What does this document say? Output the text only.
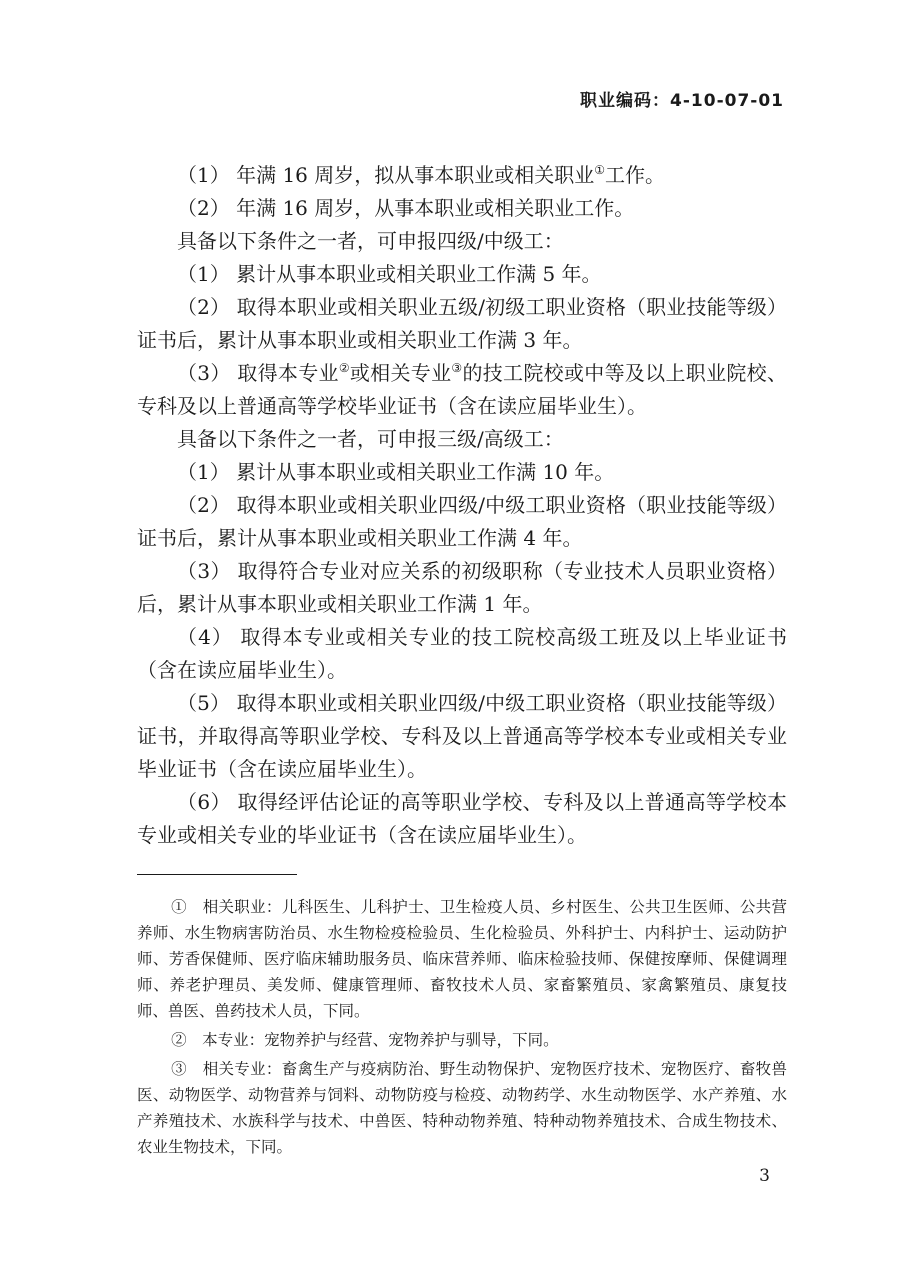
职业编码：4-10-07-01

（1） 年满 16 周岁，拟从事本职业或相关职业①工作。

（2） 年满 16 周岁，从事本职业或相关职业工作。

具备以下条件之一者，可申报四级/中级工：

（1） 累计从事本职业或相关职业工作满 5 年。

（2） 取得本职业或相关职业五级/初级工职业资格（职业技能等级）证书后，累计从事本职业或相关职业工作满 3 年。

（3） 取得本专业②或相关专业③的技工院校或中等及以上职业院校、专科及以上普通高等学校毕业证书（含在读应届毕业生）。

具备以下条件之一者，可申报三级/高级工：

（1） 累计从事本职业或相关职业工作满 10 年。

（2） 取得本职业或相关职业四级/中级工职业资格（职业技能等级）证书后，累计从事本职业或相关职业工作满 4 年。

（3） 取得符合专业对应关系的初级职称（专业技术人员职业资格）后，累计从事本职业或相关职业工作满 1 年。

（4） 取得本专业或相关专业的技工院校高级工班及以上毕业证书（含在读应届毕业生）。

（5） 取得本职业或相关职业四级/中级工职业资格（职业技能等级）证书，并取得高等职业学校、专科及以上普通高等学校本专业或相关专业毕业证书（含在读应届毕业生）。

（6） 取得经评估论证的高等职业学校、专科及以上普通高等学校本专业或相关专业的毕业证书（含在读应届毕业生）。

①　相关职业：儿科医生、儿科护士、卫生检疫人员、乡村医生、公共卫生医师、公共营养师、水生物病害防治员、水生物检疫检验员、生化检验员、外科护士、内科护士、运动防护师、芳香保健师、医疗临床辅助服务员、临床营养师、临床检验技师、保健按摩师、保健调理师、养老护理员、美发师、健康管理师、畜牧技术人员、家畜繁殖员、家禽繁殖员、康复技师、兽医、兽药技术人员，下同。

②　本专业：宠物养护与经营、宠物养护与驯导，下同。

③　相关专业：畜禽生产与疫病防治、野生动物保护、宠物医疗技术、宠物医疗、畜牧兽医、动物医学、动物营养与饲料、动物防疫与检疫、动物药学、水生动物医学、水产养殖、水产养殖技术、水族科学与技术、中兽医、特种动物养殖、特种动物养殖技术、合成生物技术、农业生物技术，下同。

3
